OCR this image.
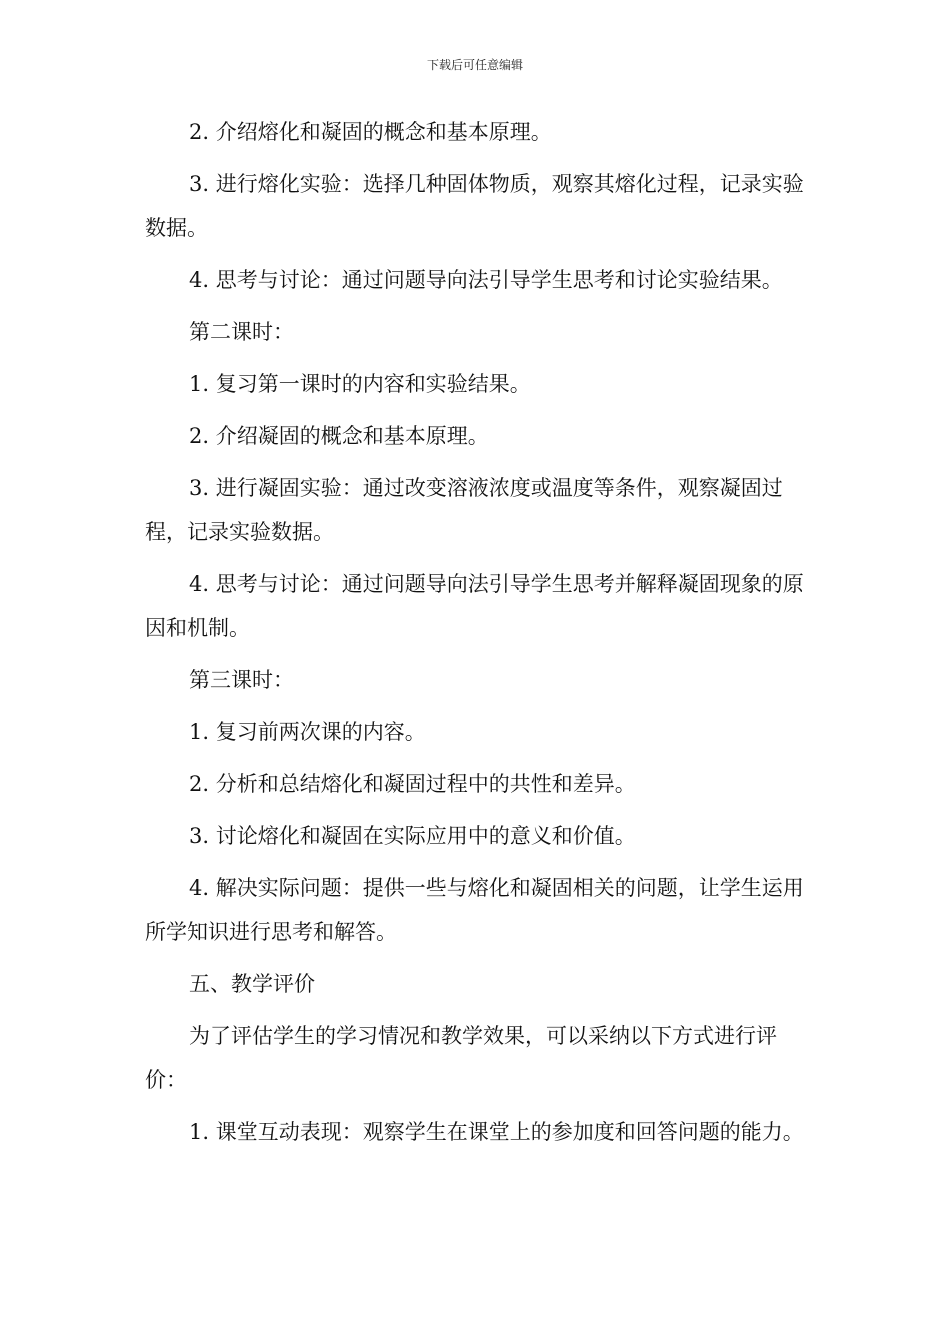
下载后可任意编辑

2. 介绍熔化和凝固的概念和基本原理。

3. 进行熔化实验：选择几种固体物质，观察其熔化过程，记录实验数据。

4. 思考与讨论：通过问题导向法引导学生思考和讨论实验结果。

第二课时：

1. 复习第一课时的内容和实验结果。

2. 介绍凝固的概念和基本原理。

3. 进行凝固实验：通过改变溶液浓度或温度等条件，观察凝固过程，记录实验数据。

4. 思考与讨论：通过问题导向法引导学生思考并解释凝固现象的原因和机制。

第三课时：

1. 复习前两次课的内容。

2. 分析和总结熔化和凝固过程中的共性和差异。

3. 讨论熔化和凝固在实际应用中的意义和价值。

4. 解决实际问题：提供一些与熔化和凝固相关的问题，让学生运用所学知识进行思考和解答。

五、教学评价

为了评估学生的学习情况和教学效果，可以采纳以下方式进行评价：

1. 课堂互动表现：观察学生在课堂上的参加度和回答问题的能力。
